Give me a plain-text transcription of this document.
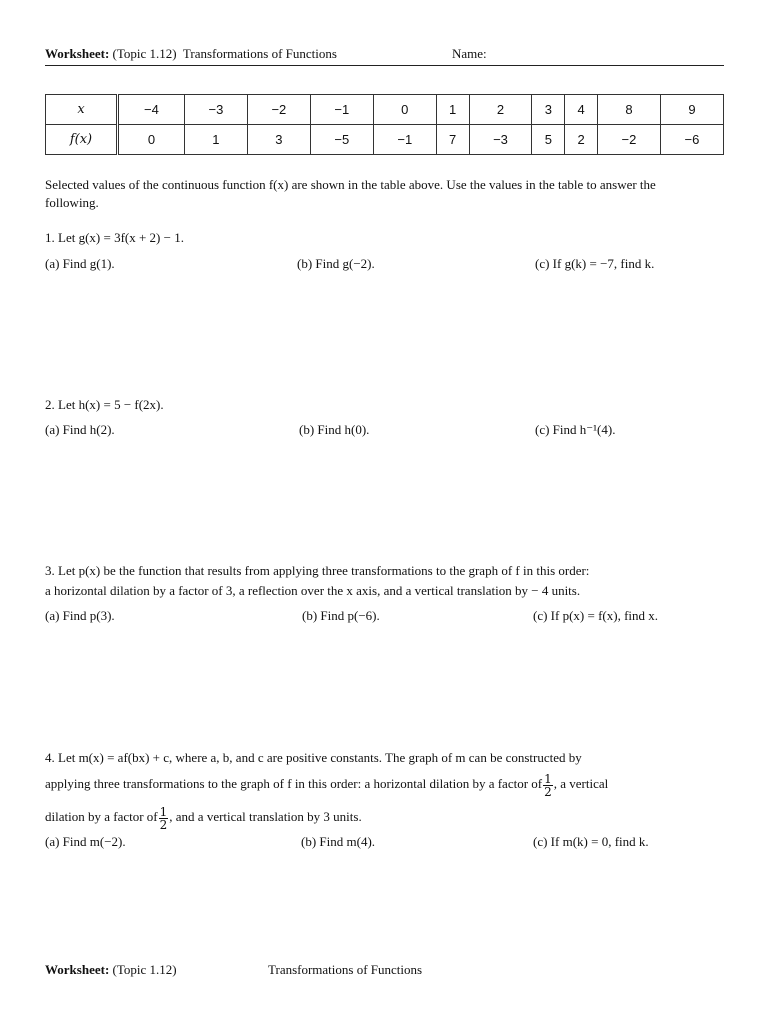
Worksheet: (Topic 1.12) Transformations of Functions	Name:
x	−4	−3	−2	−1	0	1	2	3	4	8	9
f(x)	0	1	3	−5	−1	7	−3	5	2	−2	−6
Selected values of the continuous function f(x) are shown in the table above. Use the values in the table to answer the
following.
1. Let g(x) = 3f(x + 2) − 1.
(a) Find g(1).	(b) Find g(−2).	(c) If g(k) = −7, find k.
2. Let h(x) = 5 − f(2x).
(a) Find h(2).	(b) Find h(0).	(c) Find h⁻¹(4).
3. Let p(x) be the function that results from applying three transformations to the graph of f in this order:
a horizontal dilation by a factor of 3, a reflection over the x axis, and a vertical translation by − 4 units.
(a) Find p(3).	(b) Find p(−6).	(c) If p(x) = f(x), find x.
4. Let m(x) = af(bx) + c, where a, b, and c are positive constants. The graph of m can be constructed by
applying three transformations to the graph of f in this order: a horizontal dilation by a factor of $\frac{1}{2}$ , a vertical
dilation by a factor of $\frac{1}{2}$ , and a vertical translation by 3 units.
(a) Find m(−2).	(b) Find m(4).	(c) If m(k) = 0, find k.
Worksheet: (Topic 1.12)	Transformations of Functions
